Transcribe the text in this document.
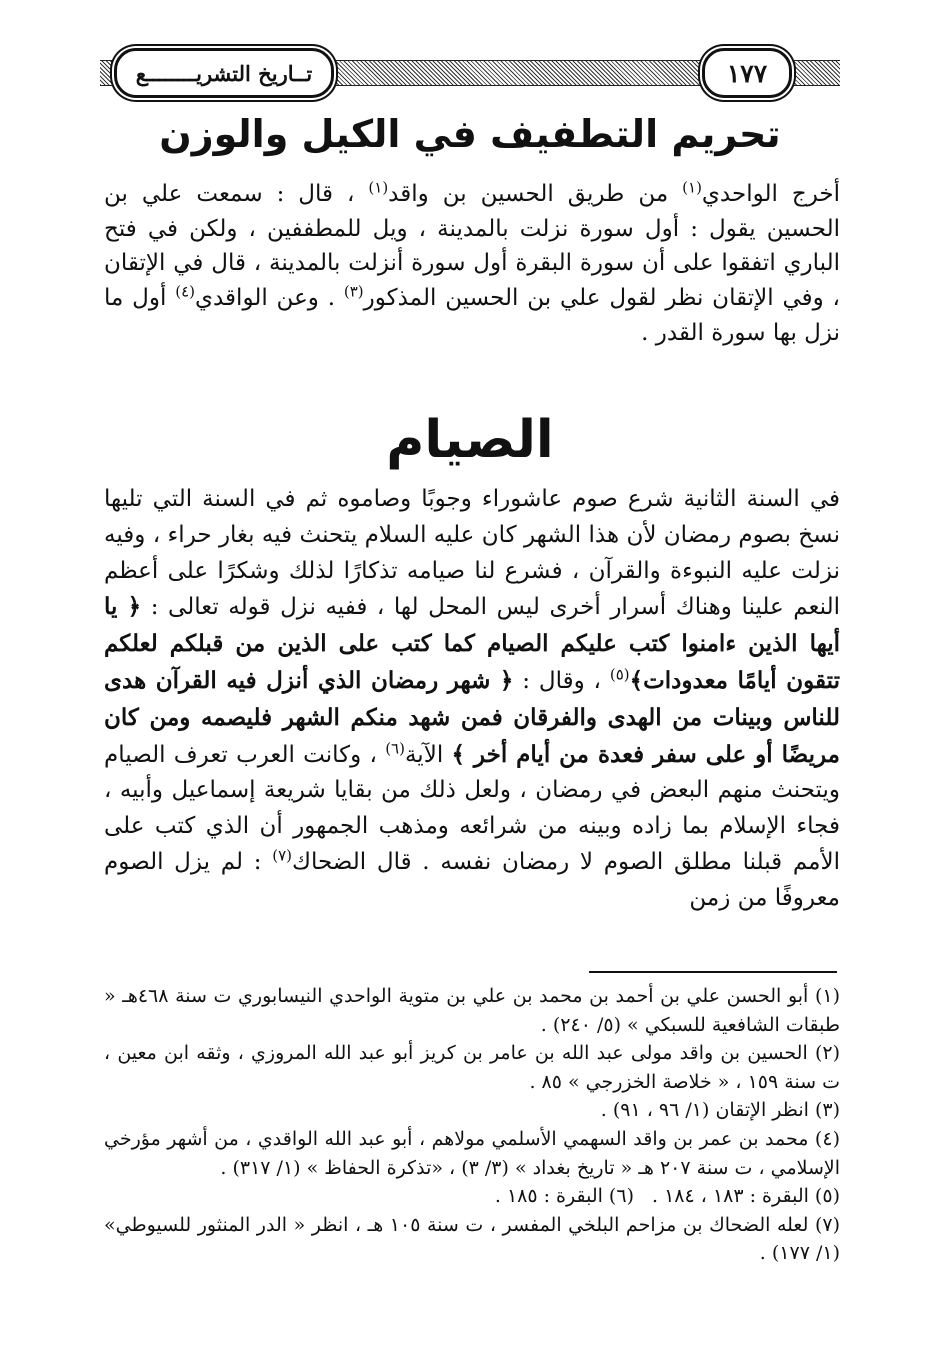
تــاريخ التشريــــــــع	١٧٧
تحريم التطفيف في الكيل والوزن
أخرج الواحدي$^{(١)}$ من طريق الحسين بن واقد$^{(١)}$ ، قال : سمعت علي بن الحسين يقول : أول سورة نزلت بالمدينة ، ويل للمطففين ، ولكن في فتح الباري اتفقوا على أن سورة البقرة أول سورة أنزلت بالمدينة ، قال في الإتقان ، وفي الإتقان نظر لقول علي بن الحسين المذكور$^{(٣)}$ . وعن الواقدي$^{(٤)}$ أول ما نزل بها سورة القدر .
الصيام
في السنة الثانية شرع صوم عاشوراء وجوبًا وصاموه ثم في السنة التي تليها نسخ بصوم رمضان لأن هذا الشهر كان عليه السلام يتحنث فيه بغار حراء ، وفيه نزلت عليه النبوءة والقرآن ، فشرع لنا صيامه تذكارًا لذلك وشكرًا على أعظم النعم علينا وهناك أسرار أخرى ليس المحل لها ، ففيه نزل قوله تعالى : ﴿ يا أيها الذين ءامنوا كتب عليكم الصيام كما كتب على الذين من قبلكم لعلكم تتقون أيامًا معدودات﴾$^{(٥)}$ ، وقال : ﴿ شهر رمضان الذي أنزل فيه القرآن هدى للناس وبينات من الهدى والفرقان فمن شهد منكم الشهر فليصمه ومن كان مريضًا أو على سفر فعدة من أيام أخر ﴾ الآية$^{(٦)}$ ، وكانت العرب تعرف الصيام ويتحنث منهم البعض في رمضان ، ولعل ذلك من بقايا شريعة إسماعيل وأبيه ، فجاء الإسلام بما زاده وبينه من شرائعه ومذهب الجمهور أن الذي كتب على الأمم قبلنا مطلق الصوم لا رمضان نفسه . قال الضحاك$^{(٧)}$ : لم يزل الصوم معروفًا من زمن
(١) أبو الحسن علي بن أحمد بن محمد بن علي بن متوية الواحدي النيسابوري ت سنة ٤٦٨هـ « طبقات الشافعية للسبكي » (٥/ ٢٤٠) .
(٢) الحسين بن واقد مولى عبد الله بن عامر بن كريز أبو عبد الله المروزي ، وثقه ابن معين ، ت سنة ١٥٩ ، « خلاصة الخزرجي » ٨٥ .
(٣) انظر الإتقان (١/ ٩٦ ، ٩١) .
(٤) محمد بن عمر بن واقد السهمي الأسلمي مولاهم ، أبو عبد الله الواقدي ، من أشهر مؤرخي الإسلامي ، ت سنة ٢٠٧ هـ « تاريخ بغداد » (٣/ ٣) ، «تذكرة الحفاظ » (١/ ٣١٧) .
(٥) البقرة : ١٨٣ ، ١٨٤ .
(٦) البقرة : ١٨٥ .
(٧) لعله الضحاك بن مزاحم البلخي المفسر ، ت سنة ١٠٥ هـ ، انظر « الدر المنثور للسيوطي» (١/ ١٧٧) .
